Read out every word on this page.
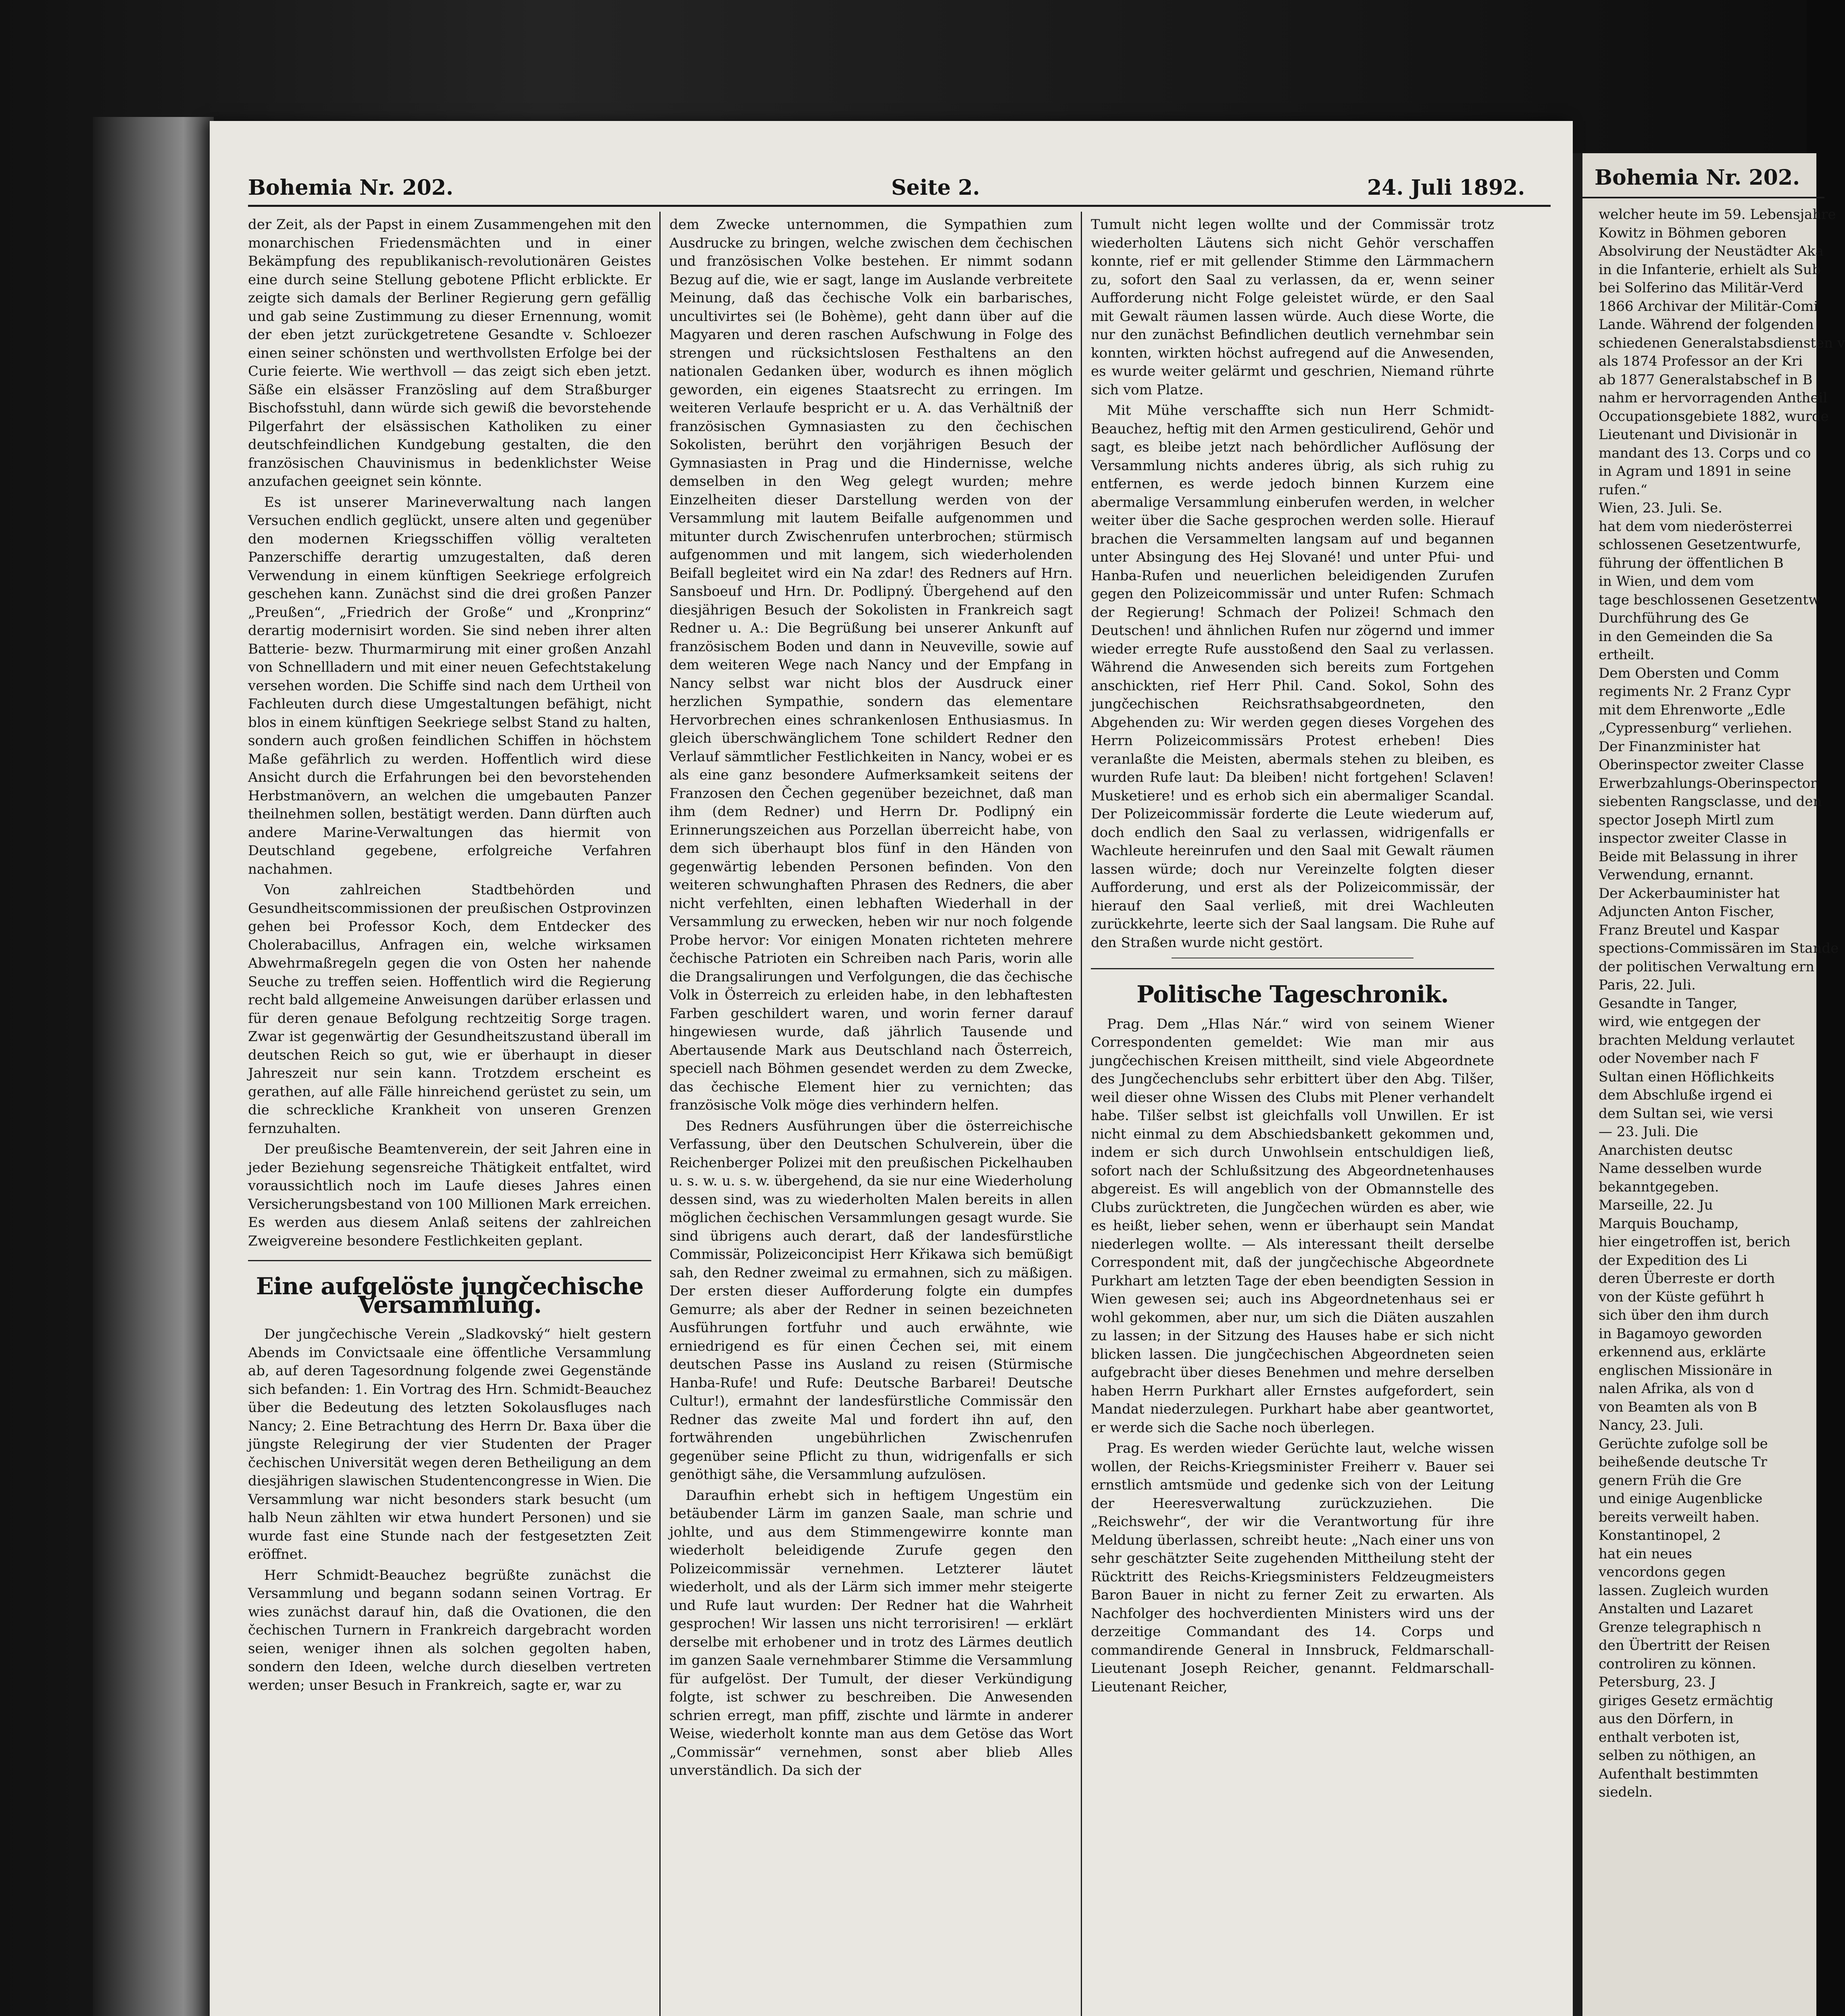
Bohemia Nr. 202.	Seite 2.	24. Juli 1892.

der Zeit, als der Papst in einem Zusammengehen mit den monarchischen Friedensmächten und in einer Bekämpfung des republikanisch-revolutionären Geistes eine durch seine Stellung gebotene Pflicht erblickte. Er zeigte sich damals der Berliner Regierung gern gefällig und gab seine Zustimmung zu dieser Ernennung, womit der eben jetzt zurückgetretene Gesandte v. Schloezer einen seiner schönsten und werthvollsten Erfolge bei der Curie feierte. Wie werthvoll — das zeigt sich eben jetzt. Säße ein elsässer Französling auf dem Straßburger Bischofsstuhl, dann würde sich gewiß die bevorstehende Pilgerfahrt der elsässischen Katholiken zu einer deutschfeindlichen Kundgebung gestalten, die den französischen Chauvinismus in bedenklichster Weise anzufachen geeignet sein könnte.

Es ist unserer Marineverwaltung nach langen Versuchen endlich geglückt, unsere alten und gegenüber den modernen Kriegsschiffen völlig veralteten Panzerschiffe derartig umzugestalten, daß deren Verwendung in einem künftigen Seekriege erfolgreich geschehen kann. Zunächst sind die drei großen Panzer „Preußen“, „Friedrich der Große“ und „Kronprinz“ derartig modernisirt worden. Sie sind neben ihrer alten Batterie- bezw. Thurmarmirung mit einer großen Anzahl von Schnellladern und mit einer neuen Gefechtstakelung versehen worden. Die Schiffe sind nach dem Urtheil von Fachleuten durch diese Umgestaltungen befähigt, nicht blos in einem künftigen Seekriege selbst Stand zu halten, sondern auch großen feindlichen Schiffen in höchstem Maße gefährlich zu werden. Hoffentlich wird diese Ansicht durch die Erfahrungen bei den bevorstehenden Herbstmanövern, an welchen die umgebauten Panzer theilnehmen sollen, bestätigt werden. Dann dürften auch andere Marine-Verwaltungen das hiermit von Deutschland gegebene, erfolgreiche Verfahren nachahmen.

Von zahlreichen Stadtbehörden und Gesundheitscommissionen der preußischen Ostprovinzen gehen bei Professor Koch, dem Entdecker des Cholerabacillus, Anfragen ein, welche wirksamen Abwehrmaßregeln gegen die von Osten her nahende Seuche zu treffen seien. Hoffentlich wird die Regierung recht bald allgemeine Anweisungen darüber erlassen und für deren genaue Befolgung rechtzeitig Sorge tragen. Zwar ist gegenwärtig der Gesundheitszustand überall im deutschen Reich so gut, wie er überhaupt in dieser Jahreszeit nur sein kann. Trotzdem erscheint es gerathen, auf alle Fälle hinreichend gerüstet zu sein, um die schreckliche Krankheit von unseren Grenzen fernzuhalten.

Der preußische Beamtenverein, der seit Jahren eine in jeder Beziehung segensreiche Thätigkeit entfaltet, wird voraussichtlich noch im Laufe dieses Jahres einen Versicherungsbestand von 100 Millionen Mark erreichen. Es werden aus diesem Anlaß seitens der zahlreichen Zweigvereine besondere Festlichkeiten geplant.

Eine aufgelöste jungčechische Versammlung.

Der jungčechische Verein „Sladkovský“ hielt gestern Abends im Convictsaale eine öffentliche Versammlung ab, auf deren Tagesordnung folgende zwei Gegenstände sich befanden: 1. Ein Vortrag des Hrn. Schmidt-Beauchez über die Bedeutung des letzten Sokolausfluges nach Nancy; 2. Eine Betrachtung des Herrn Dr. Baxa über die jüngste Relegirung der vier Studenten der Prager čechischen Universität wegen deren Betheiligung an dem diesjährigen slawischen Studentencongresse in Wien. Die Versammlung war nicht besonders stark besucht (um halb Neun zählten wir etwa hundert Personen) und sie wurde fast eine Stunde nach der festgesetzten Zeit eröffnet.

Herr Schmidt-Beauchez begrüßte zunächst die Versammlung und begann sodann seinen Vortrag. Er wies zunächst darauf hin, daß die Ovationen, die den čechischen Turnern in Frankreich dargebracht worden seien, weniger ihnen als solchen gegolten haben, sondern den Ideen, welche durch dieselben vertreten werden; unser Besuch in Frankreich, sagte er, war zu

dem Zwecke unternommen, die Sympathien zum Ausdrucke zu bringen, welche zwischen dem čechischen und französischen Volke bestehen. Er nimmt sodann Bezug auf die, wie er sagt, lange im Auslande verbreitete Meinung, daß das čechische Volk ein barbarisches, uncultivirtes sei (le Bohème), geht dann über auf die Magyaren und deren raschen Aufschwung in Folge des strengen und rücksichtslosen Festhaltens an den nationalen Gedanken über, wodurch es ihnen möglich geworden, ein eigenes Staatsrecht zu erringen. Im weiteren Verlaufe bespricht er u. A. das Verhältniß der französischen Gymnasiasten zu den čechischen Sokolisten, berührt den vorjährigen Besuch der Gymnasiasten in Prag und die Hindernisse, welche demselben in den Weg gelegt wurden; mehre Einzelheiten dieser Darstellung werden von der Versammlung mit lautem Beifalle aufgenommen und mitunter durch Zwischenrufen unterbrochen; stürmisch aufgenommen und mit langem, sich wiederholenden Beifall begleitet wird ein Na zdar! des Redners auf Hrn. Sansboeuf und Hrn. Dr. Podlipný. Übergehend auf den diesjährigen Besuch der Sokolisten in Frankreich sagt Redner u. A.: Die Begrüßung bei unserer Ankunft auf französischem Boden und dann in Neuveville, sowie auf dem weiteren Wege nach Nancy und der Empfang in Nancy selbst war nicht blos der Ausdruck einer herzlichen Sympathie, sondern das elementare Hervorbrechen eines schrankenlosen Enthusiasmus. In gleich überschwänglichem Tone schildert Redner den Verlauf sämmtlicher Festlichkeiten in Nancy, wobei er es als eine ganz besondere Aufmerksamkeit seitens der Franzosen den Čechen gegenüber bezeichnet, daß man ihm (dem Redner) und Herrn Dr. Podlipný ein Erinnerungszeichen aus Porzellan überreicht habe, von dem sich überhaupt blos fünf in den Händen von gegenwärtig lebenden Personen befinden. Von den weiteren schwunghaften Phrasen des Redners, die aber nicht verfehlten, einen lebhaften Wiederhall in der Versammlung zu erwecken, heben wir nur noch folgende Probe hervor: Vor einigen Monaten richteten mehrere čechische Patrioten ein Schreiben nach Paris, worin alle die Drangsalirungen und Verfolgungen, die das čechische Volk in Österreich zu erleiden habe, in den lebhaftesten Farben geschildert waren, und worin ferner darauf hingewiesen wurde, daß jährlich Tausende und Abertausende Mark aus Deutschland nach Österreich, speciell nach Böhmen gesendet werden zu dem Zwecke, das čechische Element hier zu vernichten; das französische Volk möge dies verhindern helfen.

Des Redners Ausführungen über die österreichische Verfassung, über den Deutschen Schulverein, über die Reichenberger Polizei mit den preußischen Pickelhauben u. s. w. u. s. w. übergehend, da sie nur eine Wiederholung dessen sind, was zu wiederholten Malen bereits in allen möglichen čechischen Versammlungen gesagt wurde. Sie sind übrigens auch derart, daß der landesfürstliche Commissär, Polizeiconcipist Herr Křikawa sich bemüßigt sah, den Redner zweimal zu ermahnen, sich zu mäßigen. Der ersten dieser Aufforderung folgte ein dumpfes Gemurre; als aber der Redner in seinen bezeichneten Ausführungen fortfuhr und auch erwähnte, wie erniedrigend es für einen Čechen sei, mit einem deutschen Passe ins Ausland zu reisen (Stürmische Hanba-Rufe! und Rufe: Deutsche Barbarei! Deutsche Cultur!), ermahnt der landesfürstliche Commissär den Redner das zweite Mal und fordert ihn auf, den fortwährenden ungebührlichen Zwischenrufen gegenüber seine Pflicht zu thun, widrigenfalls er sich genöthigt sähe, die Versammlung aufzulösen.

Daraufhin erhebt sich in heftigem Ungestüm ein betäubender Lärm im ganzen Saale, man schrie und johlte, und aus dem Stimmengewirre konnte man wiederholt beleidigende Zurufe gegen den Polizeicommissär vernehmen. Letzterer läutet wiederholt, und als der Lärm sich immer mehr steigerte und Rufe laut wurden: Der Redner hat die Wahrheit gesprochen! Wir lassen uns nicht terrorisiren! — erklärt derselbe mit erhobener und in trotz des Lärmes deutlich im ganzen Saale vernehmbarer Stimme die Versammlung für aufgelöst. Der Tumult, der dieser Verkündigung folgte, ist schwer zu beschreiben. Die Anwesenden schrien erregt, man pfiff, zischte und lärmte in anderer Weise, wiederholt konnte man aus dem Getöse das Wort „Commissär“ vernehmen, sonst aber blieb Alles unverständlich. Da sich der

Tumult nicht legen wollte und der Commissär trotz wiederholten Läutens sich nicht Gehör verschaffen konnte, rief er mit gellender Stimme den Lärmmachern zu, sofort den Saal zu verlassen, da er, wenn seiner Aufforderung nicht Folge geleistet würde, er den Saal mit Gewalt räumen lassen würde. Auch diese Worte, die nur den zunächst Befindlichen deutlich vernehmbar sein konnten, wirkten höchst aufregend auf die Anwesenden, es wurde weiter gelärmt und geschrien, Niemand rührte sich vom Platze.

Mit Mühe verschaffte sich nun Herr Schmidt-Beauchez, heftig mit den Armen gesticulirend, Gehör und sagt, es bleibe jetzt nach behördlicher Auflösung der Versammlung nichts anderes übrig, als sich ruhig zu entfernen, es werde jedoch binnen Kurzem eine abermalige Versammlung einberufen werden, in welcher weiter über die Sache gesprochen werden solle. Hierauf brachen die Versammelten langsam auf und begannen unter Absingung des Hej Slované! und unter Pfui- und Hanba-Rufen und neuerlichen beleidigenden Zurufen gegen den Polizeicommissär und unter Rufen: Schmach der Regierung! Schmach der Polizei! Schmach den Deutschen! und ähnlichen Rufen nur zögernd und immer wieder erregte Rufe ausstoßend den Saal zu verlassen. Während die Anwesenden sich bereits zum Fortgehen anschickten, rief Herr Phil. Cand. Sokol, Sohn des jungčechischen Reichsrathsabgeordneten, den Abgehenden zu: Wir werden gegen dieses Vorgehen des Herrn Polizeicommissärs Protest erheben! Dies veranlaßte die Meisten, abermals stehen zu bleiben, es wurden Rufe laut: Da bleiben! nicht fortgehen! Sclaven! Musketiere! und es erhob sich ein abermaliger Scandal. Der Polizeicommissär forderte die Leute wiederum auf, doch endlich den Saal zu verlassen, widrigenfalls er Wachleute hereinrufen und den Saal mit Gewalt räumen lassen würde; doch nur Vereinzelte folgten dieser Aufforderung, und erst als der Polizeicommissär, der hierauf den Saal verließ, mit drei Wachleuten zurückkehrte, leerte sich der Saal langsam. Die Ruhe auf den Straßen wurde nicht gestört.

Politische Tageschronik.

Prag. Dem „Hlas Nár.“ wird von seinem Wiener Correspondenten gemeldet: Wie man mir aus jungčechischen Kreisen mittheilt, sind viele Abgeordnete des Jungčechenclubs sehr erbittert über den Abg. Tilšer, weil dieser ohne Wissen des Clubs mit Plener verhandelt habe. Tilšer selbst ist gleichfalls voll Unwillen. Er ist nicht einmal zu dem Abschiedsbankett gekommen und, indem er sich durch Unwohlsein entschuldigen ließ, sofort nach der Schlußsitzung des Abgeordnetenhauses abgereist. Es will angeblich von der Obmannstelle des Clubs zurücktreten, die Jungčechen würden es aber, wie es heißt, lieber sehen, wenn er überhaupt sein Mandat niederlegen wollte. — Als interessant theilt derselbe Correspondent mit, daß der jungčechische Abgeordnete Purkhart am letzten Tage der eben beendigten Session in Wien gewesen sei; auch ins Abgeordnetenhaus sei er wohl gekommen, aber nur, um sich die Diäten auszahlen zu lassen; in der Sitzung des Hauses habe er sich nicht blicken lassen. Die jungčechischen Abgeordneten seien aufgebracht über dieses Benehmen und mehre derselben haben Herrn Purkhart aller Ernstes aufgefordert, sein Mandat niederzulegen. Purkhart habe aber geantwortet, er werde sich die Sache noch überlegen.

Prag. Es werden wieder Gerüchte laut, welche wissen wollen, der Reichs-Kriegsminister Freiherr v. Bauer sei ernstlich amtsmüde und gedenke sich von der Leitung der Heeresverwaltung zurückzuziehen. Die „Reichswehr“, der wir die Verantwortung für ihre Meldung überlassen, schreibt heute: „Nach einer uns von sehr geschätzter Seite zugehenden Mittheilung steht der Rücktritt des Reichs-Kriegsministers Feldzeugmeisters Baron Bauer in nicht zu ferner Zeit zu erwarten. Als Nachfolger des hochverdienten Ministers wird uns der derzeitige Commandant des 14. Corps und commandirende General in Innsbruck, Feldmarschall-Lieutenant Joseph Reicher, genannt. Feldmarschall-Lieutenant Reicher,

Bohemia Nr. 202.

welcher heute im 59. Lebensjahre

Kowitz in Böhmen geboren

Absolvirung der Neustädter Aka

in die Infanterie, erhielt als Sub

bei Solferino das Militär-Verd

1866 Archivar der Militär-Comi

Lande. Während der folgenden

schiedenen Generalstabsdiensten v

als 1874 Professor an der Kri

ab 1877 Generalstabschef in B

nahm er hervorragenden Antheil

Occupationsgebiete 1882, wurde

Lieutenant und Divisionär in

mandant des 13. Corps und co

in Agram und 1891 in seine

rufen.“

Wien, 23. Juli. Se.

hat dem vom niederösterrei

schlossenen Gesetzentwurfe,

führung der öffentlichen B

in Wien, und dem vom

tage beschlossenen Gesetzentw

Durchführung des Ge

in den Gemeinden die Sa

ertheilt.

Dem Obersten und Comm

regiments Nr. 2 Franz Cypr

mit dem Ehrenworte „Edle

„Cypressenburg“ verliehen.

Der Finanzminister hat

Oberinspector zweiter Classe

Erwerbzahlungs-Oberinspector

siebenten Rangsclasse, und den

spector Joseph Mirtl zum

inspector zweiter Classe in

Beide mit Belassung in ihrer

Verwendung, ernannt.

Der Ackerbauminister hat

Adjuncten Anton Fischer,

Franz Breutel und Kaspar

spections-Commissären im Stande

der politischen Verwaltung ern

Paris, 22. Juli.

Gesandte in Tanger,

wird, wie entgegen der

brachten Meldung verlautet

oder November nach F

Sultan einen Höflichkeits

dem Abschluße irgend ei

dem Sultan sei, wie versi

— 23. Juli. Die

Anarchisten deutsc

Name desselben wurde

bekanntgegeben.

Marseille, 22. Ju

Marquis Bouchamp,

hier eingetroffen ist, berich

der Expedition des Li

deren Überreste er dorth

von der Küste geführt h

sich über den ihm durch

in Bagamoyo geworden

erkennend aus, erklärte

englischen Missionäre in

nalen Afrika, als von d

von Beamten als von B

Nancy, 23. Juli.

Gerüchte zufolge soll be

beiheßende deutsche Tr

genern Früh die Gre

und einige Augenblicke

bereits verweilt haben.

Konstantinopel, 2

hat ein neues

vencordons gegen

lassen. Zugleich wurden

Anstalten und Lazaret

Grenze telegraphisch n

den Übertritt der Reisen

controliren zu können.

Petersburg, 23. J

giriges Gesetz ermächtig

aus den Dörfern, in

enthalt verboten ist,

selben zu nöthigen, an

Aufenthalt bestimmten

siedeln.
